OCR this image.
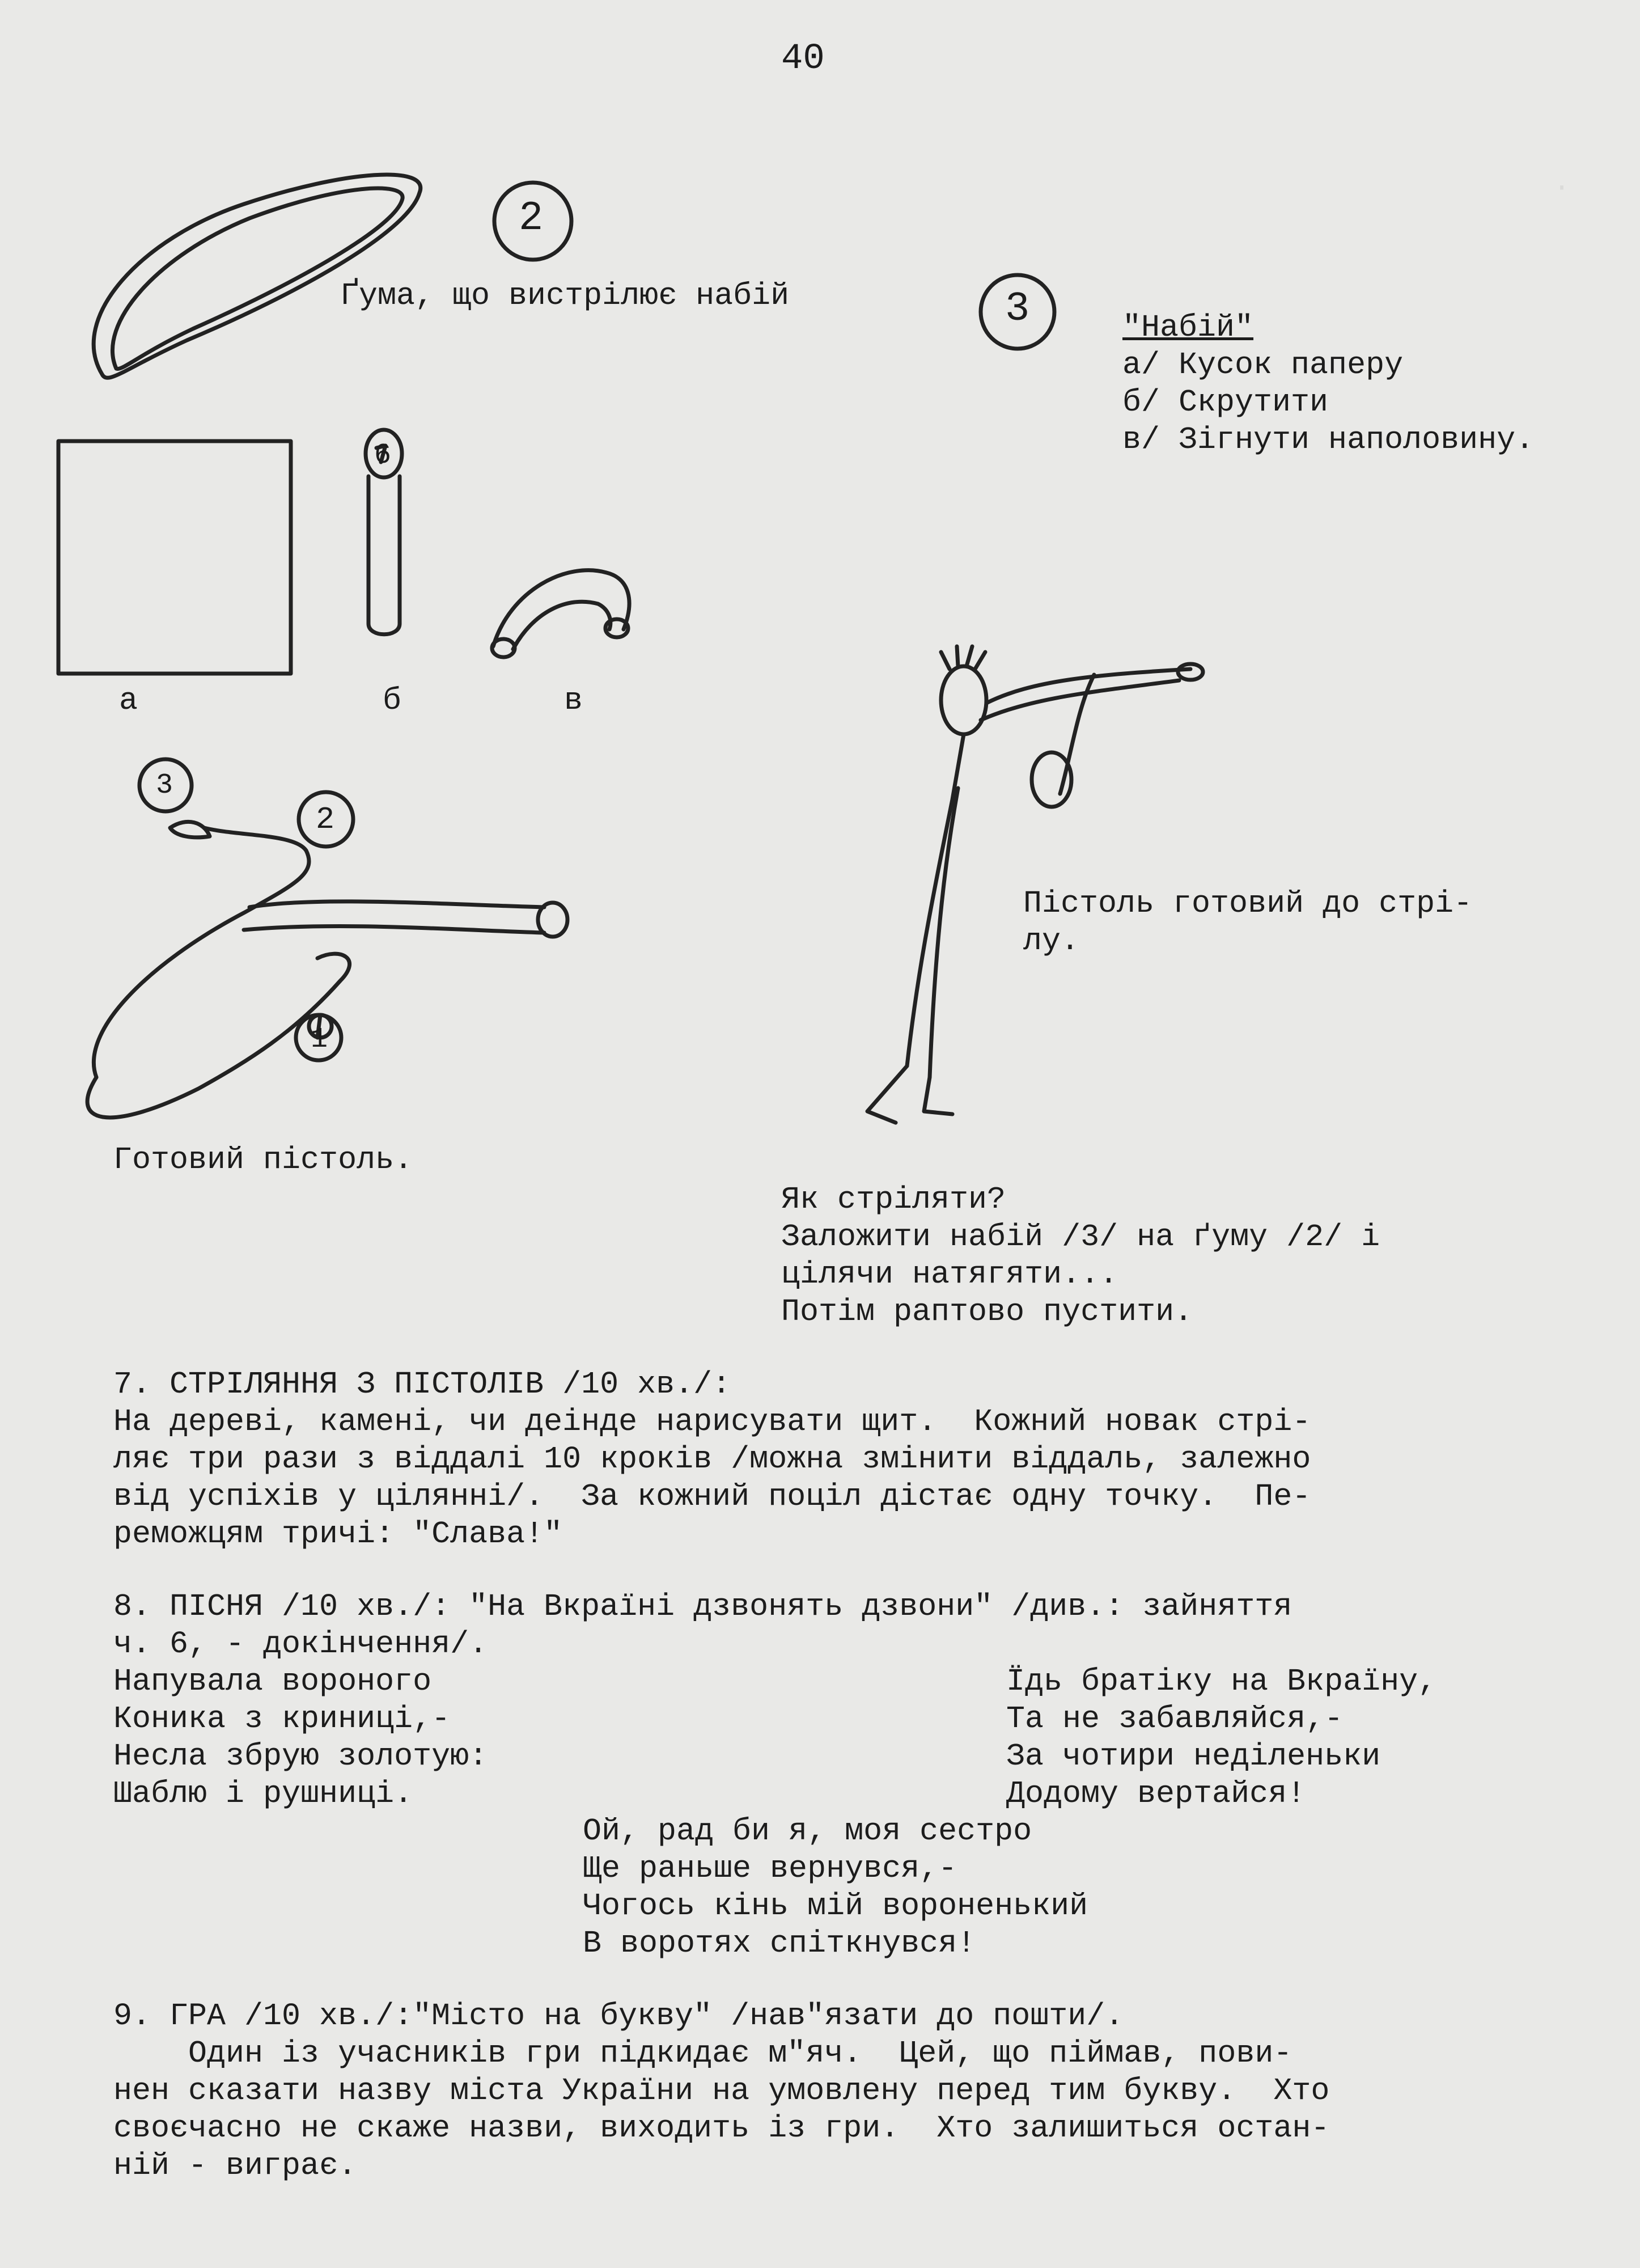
·
40
2
3
6
2
3
1
Ґума, що вистрілює набій
"Набій"
а/ Кусок паперу
б/ Скрутити
в/ Зігнути наполовину.
а	б	в
Пістоль готовий до стрі-
лу.
Готовий пістоль.
Як стріляти?
Заложити набій /3/ на ґуму /2/ і
цілячи натягяти...
Потім раптово пустити.
7. СТРІЛЯННЯ З ПІСТОЛІВ /10 хв./:
На дереві, камені, чи деінде нарисувати щит.  Кожний новак стрі-
ляє три рази з віддалі 10 кроків /можна змінити віддаль, залежно
від успіхів у цілянні/.  За кожний поціл дістає одну точку.  Пе-
реможцям тричі: "Слава!"
8. ПІСНЯ /10 хв./: "На Вкраїні дзвонять дзвони" /див.: зайняття
ч. 6, - докінчення/.
Напувала вороного
Коника з криниці,-
Несла збрую золотую:
Шаблю і рушниці.
Їдь братіку на Вкраїну,
Та не забавляйся,-
За чотири неділеньки
Додому вертайся!
Ой, рад би я, моя сестро
Ще раньше вернувся,-
Чогось кінь мій вороненький
В воротях спіткнувся!
9. ГРА /10 хв./:"Місто на букву" /нав"язати до пошти/.
Один із учасників гри підкидає м"яч.  Цей, що піймав, пови-
нен сказати назву міста України на умовлену перед тим букву.  Хто
своєчасно не скаже назви, виходить із гри.  Хто залишиться остан-
ній - виграє.
